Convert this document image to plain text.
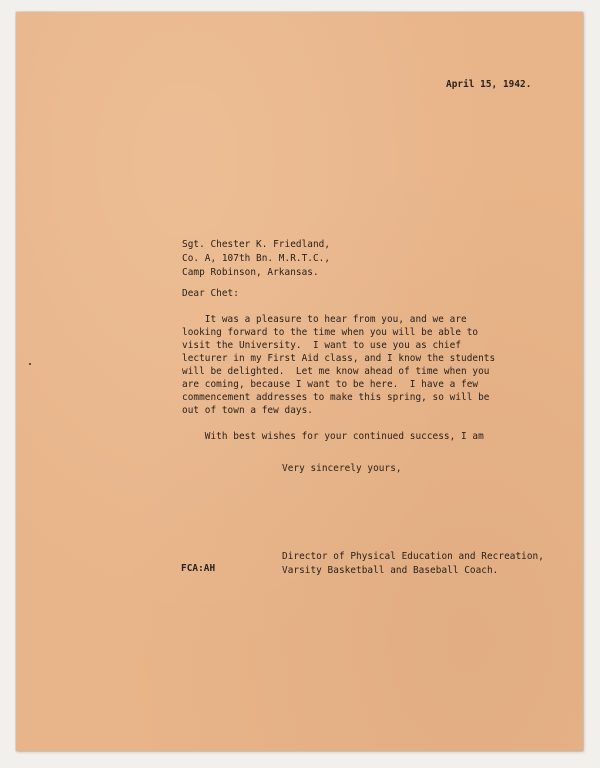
April 15, 1942.
Sgt. Chester K. Friedland,
Co. A, 107th Bn. M.R.T.C.,
Camp Robinson, Arkansas.
Dear Chet:
It was a pleasure to hear from you, and we are
looking forward to the time when you will be able to
visit the University.  I want to use you as chief
lecturer in my First Aid class, and I know the students
will be delighted.  Let me know ahead of time when you
are coming, because I want to be here.  I have a few
commencement addresses to make this spring, so will be
out of town a few days.
With best wishes for your continued success, I am
Very sincerely yours,
Director of Physical Education and Recreation,
Varsity Basketball and Baseball Coach.
FCA:AH
